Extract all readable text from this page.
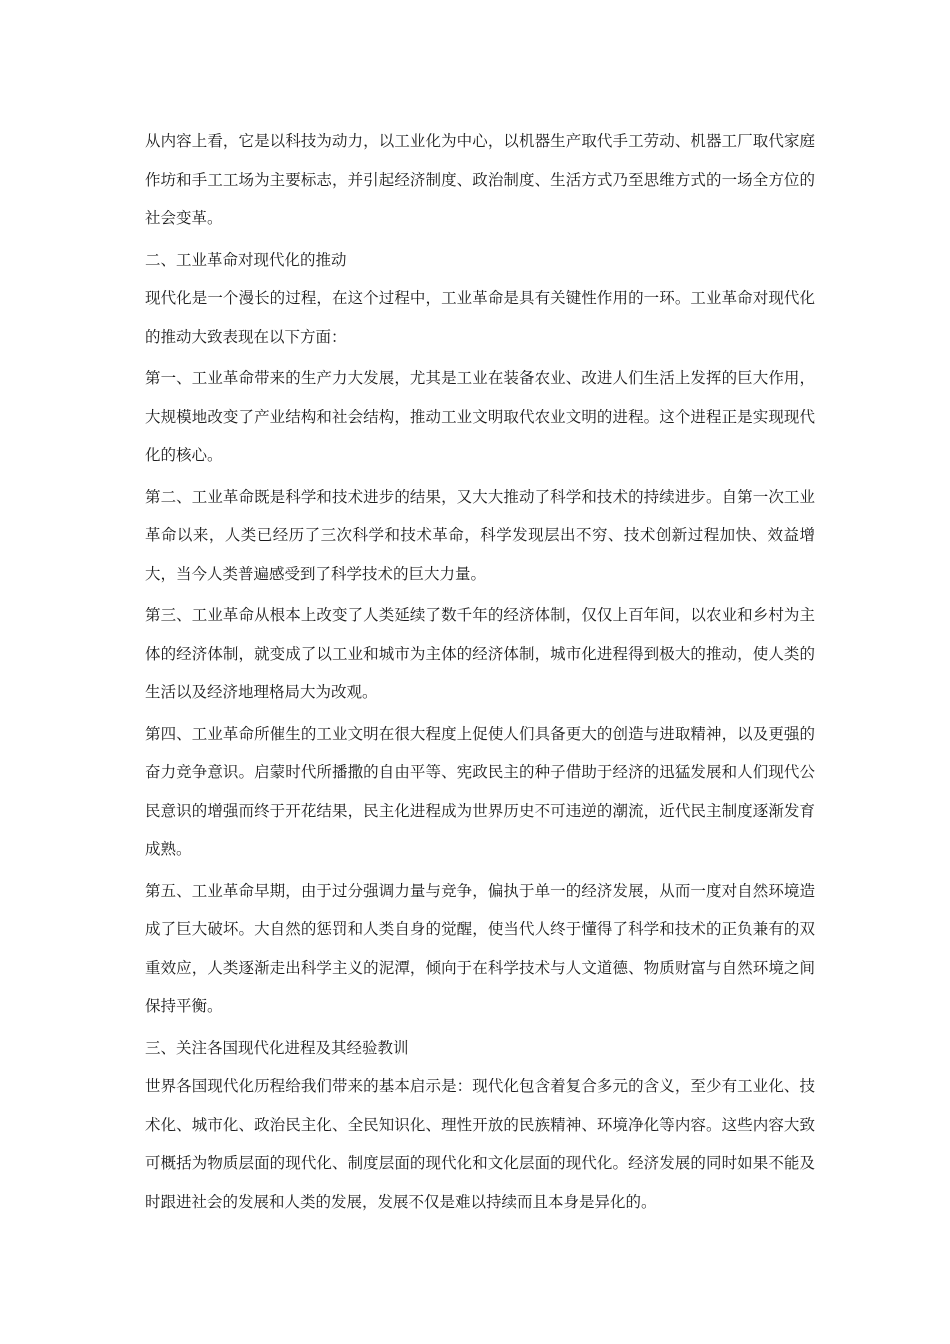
从内容上看，它是以科技为动力，以工业化为中心，以机器生产取代手工劳动、机器工厂取代家庭作坊和手工工场为主要标志，并引起经济制度、政治制度、生活方式乃至思维方式的一场全方位的社会变革。

二、工业革命对现代化的推动

现代化是一个漫长的过程，在这个过程中，工业革命是具有关键性作用的一环。工业革命对现代化的推动大致表现在以下方面：

第一、工业革命带来的生产力大发展，尤其是工业在装备农业、改进人们生活上发挥的巨大作用，大规模地改变了产业结构和社会结构，推动工业文明取代农业文明的进程。这个进程正是实现现代化的核心。

第二、工业革命既是科学和技术进步的结果，又大大推动了科学和技术的持续进步。自第一次工业革命以来，人类已经历了三次科学和技术革命，科学发现层出不穷、技术创新过程加快、效益增大，当今人类普遍感受到了科学技术的巨大力量。

第三、工业革命从根本上改变了人类延续了数千年的经济体制，仅仅上百年间，以农业和乡村为主体的经济体制，就变成了以工业和城市为主体的经济体制，城市化进程得到极大的推动，使人类的生活以及经济地理格局大为改观。

第四、工业革命所催生的工业文明在很大程度上促使人们具备更大的创造与进取精神，以及更强的奋力竞争意识。启蒙时代所播撒的自由平等、宪政民主的种子借助于经济的迅猛发展和人们现代公民意识的增强而终于开花结果，民主化进程成为世界历史不可违逆的潮流，近代民主制度逐渐发育成熟。

第五、工业革命早期，由于过分强调力量与竞争，偏执于单一的经济发展，从而一度对自然环境造成了巨大破坏。大自然的惩罚和人类自身的觉醒，使当代人终于懂得了科学和技术的正负兼有的双重效应，人类逐渐走出科学主义的泥潭，倾向于在科学技术与人文道德、物质财富与自然环境之间保持平衡。

三、关注各国现代化进程及其经验教训

世界各国现代化历程给我们带来的基本启示是：现代化包含着复合多元的含义，至少有工业化、技术化、城市化、政治民主化、全民知识化、理性开放的民族精神、环境净化等内容。这些内容大致可概括为物质层面的现代化、制度层面的现代化和文化层面的现代化。经济发展的同时如果不能及时跟进社会的发展和人类的发展，发展不仅是难以持续而且本身是异化的。
